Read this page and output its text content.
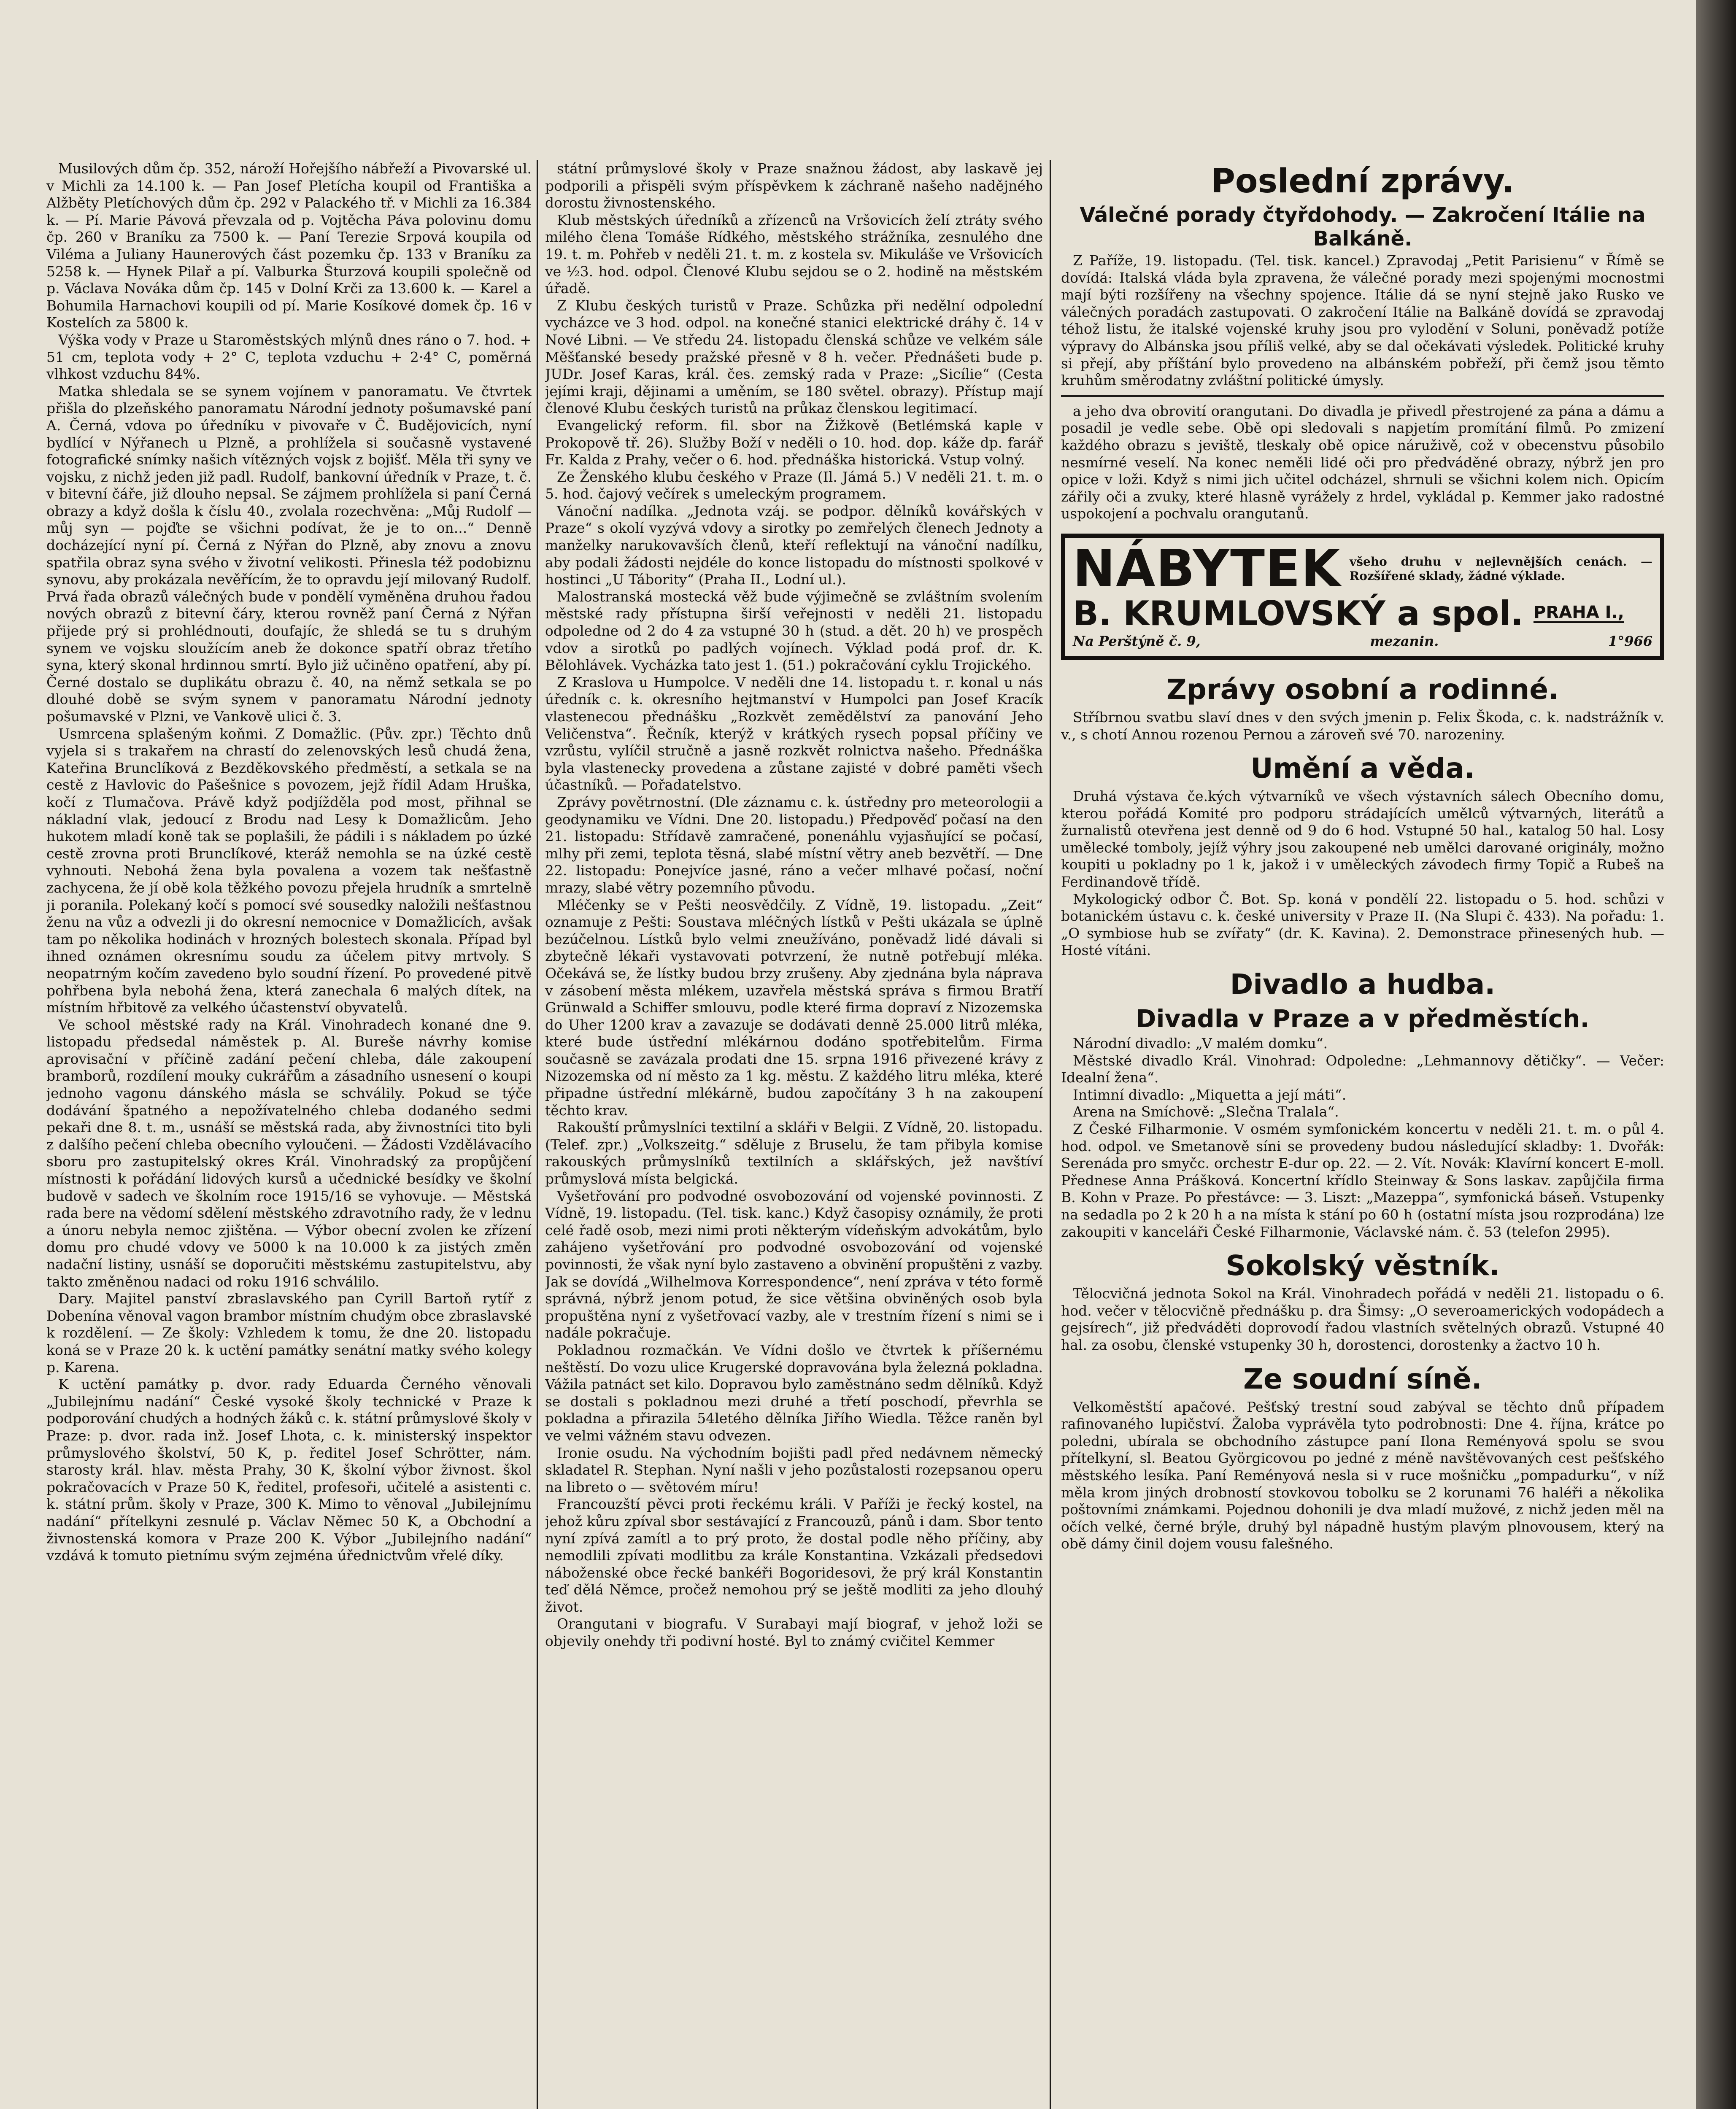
Musilových dům čp. 352, nároží Hořejšího nábřeží a Pivovarské ul. v Michli za 14.100 k. — Pan Josef Pletícha koupil od Františka a Alžběty Pletíchových dům čp. 292 v Palackého tř. v Michli za 16.384 k. — Pí. Marie Pávová převzala od p. Vojtěcha Páva polovinu domu čp. 260 v Braníku za 7500 k. — Paní Terezie Srpová koupila od Viléma a Juliany Haunerových část pozemku čp. 133 v Braníku za 5258 k. — Hynek Pilař a pí. Valburka Šturzová koupili společně od p. Václava Nováka dům čp. 145 v Dolní Krči za 13.600 k. — Karel a Bohumila Harnachovi koupili od pí. Marie Kosíkové domek čp. 16 v Kostelích za 5800 k.

Výška vody v Praze u Staroměstských mlýnů dnes ráno o 7. hod. + 51 cm, teplota vody + 2° C, teplota vzduchu + 2·4° C, poměrná vlhkost vzduchu 84%.

Matka shledala se se synem vojínem v panoramatu. Ve čtvrtek přišla do plzeňského panoramatu Národní jednoty pošumavské paní A. Černá, vdova po úředníku v pivovaře v Č. Budějovicích, nyní bydlící v Nýřanech u Plzně, a prohlížela si současně vystavené fotografické snímky našich vítězných vojsk z bojišť. Měla tři syny ve vojsku, z nichž jeden již padl. Rudolf, bankovní úředník v Praze, t. č. v bitevní čáře, již dlouho nepsal. Se zájmem prohlížela si paní Černá obrazy a když došla k číslu 40., zvolala rozechvěna: „Můj Rudolf — můj syn — pojďte se všichni podívat, že je to on...“ Denně docházející nyní pí. Černá z Nýřan do Plzně, aby znovu a znovu spatřila obraz syna svého v životní velikosti. Přinesla též podobiznu synovu, aby prokázala nevěřícím, že to opravdu její milovaný Rudolf. Prvá řada obrazů válečných bude v pondělí vyměněna druhou řadou nových obrazů z bitevní čáry, kterou rovněž paní Černá z Nýřan přijede prý si prohlédnouti, doufajíc, že shledá se tu s druhým synem ve vojsku sloužícím aneb že dokonce spatří obraz třetího syna, který skonal hrdinnou smrtí. Bylo již učiněno opatření, aby pí. Černé dostalo se duplikátu obrazu č. 40, na němž setkala se po dlouhé době se svým synem v panoramatu Národní jednoty pošumavské v Plzni, ve Vankově ulici č. 3.

Usmrcena splašeným koňmi. Z Domažlic. (Pův. zpr.) Těchto dnů vyjela si s trakařem na chrastí do zelenovských lesů chudá žena, Kateřina Brunclíková z Bezděkovského předměstí, a setkala se na cestě z Havlovic do Pašešnice s povozem, jejž řídil Adam Hruška, kočí z Tlumačova. Právě když podjížděla pod most, přihnal se nákladní vlak, jedoucí z Brodu nad Lesy k Domažlicům. Jeho hukotem mladí koně tak se poplašili, že pádili i s nákladem po úzké cestě zrovna proti Brunclíkové, kteráž nemohla se na úzké cestě vyhnouti. Nebohá žena byla povalena a vozem tak nešťastně zachycena, že jí obě kola těžkého povozu přejela hrudník a smrtelně ji poranila. Polekaný kočí s pomocí své sousedky naložili nešťastnou ženu na vůz a odvezli ji do okresní nemocnice v Domažlicích, avšak tam po několika hodinách v hrozných bolestech skonala. Případ byl ihned oznámen okresnímu soudu za účelem pitvy mrtvoly. S neopatrným kočím zavedeno bylo soudní řízení. Po provedené pitvě pohřbena byla nebohá žena, která zanechala 6 malých dítek, na místním hřbitově za velkého účastenství obyvatelů.

Ve school městské rady na Král. Vinohradech konané dne 9. listopadu předsedal náměstek p. Al. Bureše návrhy komise aprovisační v příčině zadání pečení chleba, dále zakoupení bramborů, rozdílení mouky cukrářům a zásadního usnesení o koupi jednoho vagonu dánského másla se schválily. Pokud se týče dodávání špatného a nepožívatelného chleba dodaného sedmi pekaři dne 8. t. m., usnáší se městská rada, aby živnostníci tito byli z dalšího pečení chleba obecního vyloučeni. — Žádosti Vzdělávacího sboru pro zastupitelský okres Král. Vinohradský za propůjčení místnosti k pořádání lidových kursů a učednické besídky ve školní budově v sadech ve školním roce 1915/16 se vyhovuje. — Městská rada bere na vědomí sdělení městského zdravotního rady, že v lednu a únoru nebyla nemoc zjištěna. — Výbor obecní zvolen ke zřízení domu pro chudé vdovy ve 5000 k na 10.000 k za jistých změn nadační listiny, usnáší se doporučiti městskému zastupitelstvu, aby takto změněnou nadaci od roku 1916 schválilo.

Dary. Majitel panství zbraslavského pan Cyrill Bartoň rytíř z Dobenína věnoval vagon brambor místním chudým obce zbraslavské k rozdělení. — Ze školy: Vzhledem k tomu, že dne 20. listopadu koná se v Praze 20 k. k uctění památky senátní matky svého kolegy p. Karena.

K uctění památky p. dvor. rady Eduarda Černého věnovali „Jubilejnímu nadání“ České vysoké školy technické v Praze k podporování chudých a hodných žáků c. k. státní průmyslové školy v Praze: p. dvor. rada inž. Josef Lhota, c. k. ministerský inspektor průmyslového školství, 50 K, p. ředitel Josef Schrötter, nám. starosty král. hlav. města Prahy, 30 K, školní výbor živnost. škol pokračovacích v Praze 50 K, ředitel, profesoři, učitelé a asistenti c. k. státní prům. školy v Praze, 300 K. Mimo to věnoval „Jubilejnímu nadání“ přítelkyni zesnulé p. Václav Němec 50 K, a Obchodní a živnostenská komora v Praze 200 K. Výbor „Jubilejního nadání“ vzdává k tomuto pietnímu svým zejména úřednictvům vřelé díky.

státní průmyslové školy v Praze snažnou žádost, aby laskavě jej podporili a přispěli svým příspěvkem k záchraně našeho nadějného dorostu živnostenského.

Klub městských úředníků a zřízenců na Vršovicích želí ztráty svého milého člena Tomáše Rídkého, městského strážníka, zesnulého dne 19. t. m. Pohřeb v neděli 21. t. m. z kostela sv. Mikuláše ve Vršovicích ve ½3. hod. odpol. Členové Klubu sejdou se o 2. hodině na městském úřadě.

Z Klubu českých turistů v Praze. Schůzka při nedělní odpolední vycházce ve 3 hod. odpol. na konečné stanici elektrické dráhy č. 14 v Nové Libni. — Ve středu 24. listopadu členská schůze ve velkém sále Měšťanské besedy pražské přesně v 8 h. večer. Přednášeti bude p. JUDr. Josef Karas, král. čes. zemský rada v Praze: „Sicílie“ (Cesta jejími kraji, dějinami a uměním, se 180 světel. obrazy). Přístup mají členové Klubu českých turistů na průkaz členskou legitimací.

Evangelický reform. fil. sbor na Žižkově (Betlémská kaple v Prokopově tř. 26). Služby Boží v neděli o 10. hod. dop. káže dp. farář Fr. Kalda z Prahy, večer o 6. hod. přednáška historická. Vstup volný.

Ze Ženského klubu českého v Praze (Il. Jámá 5.) V neděli 21. t. m. o 5. hod. čajový večírek s umeleckým programem.

Vánoční nadílka. „Jednota vzáj. se podpor. dělníků kovářských v Praze“ s okolí vyzývá vdovy a sirotky po zemřelých členech Jednoty a manželky narukovavších členů, kteří reflektují na vánoční nadílku, aby podali žádosti nejdéle do konce listopadu do místnosti spolkové v hostinci „U Tábority“ (Praha II., Lodní ul.).

Malostranská mostecká věž bude výjimečně se zvláštním svolením městské rady přístupna širší veřejnosti v neděli 21. listopadu odpoledne od 2 do 4 za vstupné 30 h (stud. a dět. 20 h) ve prospěch vdov a sirotků po padlých vojínech. Výklad podá prof. dr. K. Bělohlávek. Vycházka tato jest 1. (51.) pokračování cyklu Trojického.

Z Kraslova u Humpolce. V neděli dne 14. listopadu t. r. konal u nás úředník c. k. okresního hejtmanství v Humpolci pan Josef Kracík vlastenecou přednášku „Rozkvět zemědělství za panování Jeho Veličenstva“. Řečník, kterýž v krátkých rysech popsal příčiny ve vzrůstu, vylíčil stručně a jasně rozkvět rolnictva našeho. Přednáška byla vlastenecky provedena a zůstane zajisté v dobré paměti všech účastníků. — Pořadatelstvo.

Zprávy povětrnostní. (Dle záznamu c. k. ústředny pro meteorologii a geodynamiku ve Vídni. Dne 20. listopadu.) Předpověď počasí na den 21. listopadu: Střídavě zamračené, ponenáhlu vyjasňující se počasí, mlhy při zemi, teplota těsná, slabé místní větry aneb bezvětří. — Dne 22. listopadu: Ponejvíce jasné, ráno a večer mlhavé počasí, noční mrazy, slabé větry pozemního původu.

Mléčenky se v Pešti neosvědčily. Z Vídně, 19. listopadu. „Zeit“ oznamuje z Pešti: Soustava mléčných lístků v Pešti ukázala se úplně bezúčelnou. Lístků bylo velmi zneužíváno, poněvadž lidé dávali si zbytečně lékaři vystavovati potvrzení, že nutně potřebují mléka. Očekává se, že lístky budou brzy zrušeny. Aby zjednána byla náprava v zásobení města mlékem, uzavřela městská správa s firmou Bratří Grünwald a Schiffer smlouvu, podle které firma dopraví z Nizozemska do Uher 1200 krav a zavazuje se dodávati denně 25.000 litrů mléka, které bude ústřední mlékárnou dodáno spotřebitelům. Firma současně se zavázala prodati dne 15. srpna 1916 přivezené krávy z Nizozemska od ní město za 1 kg. městu. Z každého litru mléka, které připadne ústřední mlékárně, budou započítány 3 h na zakoupení těchto krav.

Rakouští průmyslníci textilní a skláři v Belgii. Z Vídně, 20. listopadu. (Telef. zpr.) „Volkszeitg.“ sděluje z Bruselu, že tam přibyla komise rakouských průmyslníků textilních a sklářských, jež navštíví průmyslová místa belgická.

Vyšetřování pro podvodné osvobozování od vojenské povinnosti. Z Vídně, 19. listopadu. (Tel. tisk. kanc.) Když časopisy oznámily, že proti celé řadě osob, mezi nimi proti některým vídeňským advokátům, bylo zahájeno vyšetřování pro podvodné osvobozování od vojenské povinnosti, že však nyní bylo zastaveno a obvinění propuštěni z vazby. Jak se dovídá „Wilhelmova Korrespondence“, není zpráva v této formě správná, nýbrž jenom potud, že sice většina obviněných osob byla propuštěna nyní z vyšetřovací vazby, ale v trestním řízení s nimi se i nadále pokračuje.

Pokladnou rozmačkán. Ve Vídni došlo ve čtvrtek k příšernému neštěstí. Do vozu ulice Krugerské dopravována byla železná pokladna. Vážila patnáct set kilo. Dopravou bylo zaměstnáno sedm dělníků. Když se dostali s pokladnou mezi druhé a třetí poschodí, převrhla se pokladna a přirazila 54letého dělníka Jiřího Wiedla. Těžce raněn byl ve velmi vážném stavu odvezen.

Ironie osudu. Na východním bojišti padl před nedávnem německý skladatel R. Stephan. Nyní našli v jeho pozůstalosti rozepsanou operu na libreto o — světovém míru!

Francouzští pěvci proti řeckému králi. V Paříži je řecký kostel, na jehož kůru zpíval sbor sestávající z Francouzů, pánů i dam. Sbor tento nyní zpívá zamítl a to prý proto, že dostal podle něho příčiny, aby nemodlili zpívati modlitbu za krále Konstantina. Vzkázali předsedovi náboženské obce řecké bankéři Bogoridesovi, že prý král Konstantin teď dělá Němce, pročež nemohou prý se ještě modliti za jeho dlouhý život.

Orangutani v biografu. V Surabayi mají biograf, v jehož loži se objevily onehdy tři podivní hosté. Byl to známý cvičitel Kemmer

Poslední zprávy.
Válečné porady čtyřdohody. — Zakročení Itálie na Balkáně.

Z Paříže, 19. listopadu. (Tel. tisk. kancel.) Zpravodaj „Petit Parisienu“ v Římě se dovídá: Italská vláda byla zpravena, že válečné porady mezi spojenými mocnostmi mají býti rozšířeny na všechny spojence. Itálie dá se nyní stejně jako Rusko ve válečných poradách zastupovati. O zakročení Itálie na Balkáně dovídá se zpravodaj téhož listu, že italské vojenské kruhy jsou pro vylodění v Soluni, poněvadž potíže výpravy do Albánska jsou příliš velké, aby se dal očekávati výsledek. Politické kruhy si přejí, aby příštání bylo provedeno na albánském pobřeží, při čemž jsou těmto kruhům směrodatny zvláštní politické úmysly.

a jeho dva obrovití orangutani. Do divadla je přivedl přestrojené za pána a dámu a posadil je vedle sebe. Obě opi sledovali s napjetím promítání filmů. Po zmizení každého obrazu s jeviště, tleskaly obě opice náruživě, což v obecenstvu působilo nesmírné veselí. Na konec neměli lidé oči pro předváděné obrazy, nýbrž jen pro opice v loži. Když s nimi jich učitel odcházel, shrnuli se všichni kolem nich. Opicím zářily oči a zvuky, které hlasně vyrážely z hrdel, vykládal p. Kemmer jako radostné uspokojení a pochvalu orangutanů.

NÁBYTEK všeho druhu v nejlevnějších cenách. — Rozšířené sklady, žádné výklade.
B. KRUMLOVSKÝ a spol. PRAHA I.,
Na Perštýně č. 9,	mezanin.	1°966
Zprávy osobní a rodinné.

Stříbrnou svatbu slaví dnes v den svých jmenin p. Felix Škoda, c. k. nadstrážník v. v., s chotí Annou rozenou Pernou a zároveň své 70. narozeniny.

Umění a věda.

Druhá výstava če.kých výtvarníků ve všech výstavních sálech Obecního domu, kterou pořádá Komité pro podporu strádajících umělců výtvarných, literátů a žurnalistů otevřena jest denně od 9 do 6 hod. Vstupné 50 hal., katalog 50 hal. Losy umělecké tomboly, jejíž výhry jsou zakoupené neb umělci darované originály, možno koupiti u pokladny po 1 k, jakož i v uměleckých závodech firmy Topič a Rubeš na Ferdinandově třídě.

Mykologický odbor Č. Bot. Sp. koná v pondělí 22. listopadu o 5. hod. schůzi v botanickém ústavu c. k. české university v Praze II. (Na Slupi č. 433). Na pořadu: 1. „O symbiose hub se zvířaty“ (dr. K. Kavina). 2. Demonstrace přinesených hub. — Hosté vítáni.

Divadlo a hudba.
Divadla v Praze a v předměstích.

Národní divadlo: „V malém domku“.

Městské divadlo Král. Vinohrad: Odpoledne: „Lehmannovy dětičky“. — Večer: Idealní žena“.

Intimní divadlo: „Miquetta a její máti“.

Arena na Smíchově: „Slečna Tralala“.

Z České Filharmonie. V osmém symfonickém koncertu v neděli 21. t. m. o půl 4. hod. odpol. ve Smetanově síni se provedeny budou následující skladby: 1. Dvořák: Serenáda pro smyčc. orchestr E-dur op. 22. — 2. Vít. Novák: Klavírní koncert E-moll. Přednese Anna Prášková. Koncertní křídlo Steinway & Sons laskav. zapůjčila firma B. Kohn v Praze. Po přestávce: — 3. Liszt: „Mazeppa“, symfonická báseň. Vstupenky na sedadla po 2 k 20 h a na místa k stání po 60 h (ostatní místa jsou rozprodána) lze zakoupiti v kanceláři České Filharmonie, Václavské nám. č. 53 (telefon 2995).

Sokolský věstník.

Tělocvičná jednota Sokol na Král. Vinohradech pořádá v neděli 21. listopadu o 6. hod. večer v tělocvičně přednášku p. dra Šimsy: „O severoamerických vodopádech a gejsírech“, již předváděti doprovodí řadou vlastních světelných obrazů. Vstupné 40 hal. za osobu, členské vstupenky 30 h, dorostenci, dorostenky a žactvo 10 h.

Ze soudní síně.

Velkoměstští apačové. Pešťský trestní soud zabýval se těchto dnů případem rafinovaného lupičství. Žaloba vyprávěla tyto podrobnosti: Dne 4. října, krátce po poledni, ubírala se obchodního zástupce paní Ilona Reményová spolu se svou přítelkyní, sl. Beatou Györgicovou po jedné z méně navštěvovaných cest pešťského městského lesíka. Paní Reményová nesla si v ruce mošničku „pompadurku“, v níž měla krom jiných drobností stovkovou tobolku se 2 korunami 76 haléři a několika poštovními známkami. Pojednou dohonili je dva mladí mužové, z nichž jeden měl na očích velké, černé brýle, druhý byl nápadně hustým plavým plnovousem, který na obě dámy činil dojem vousu falešného.
